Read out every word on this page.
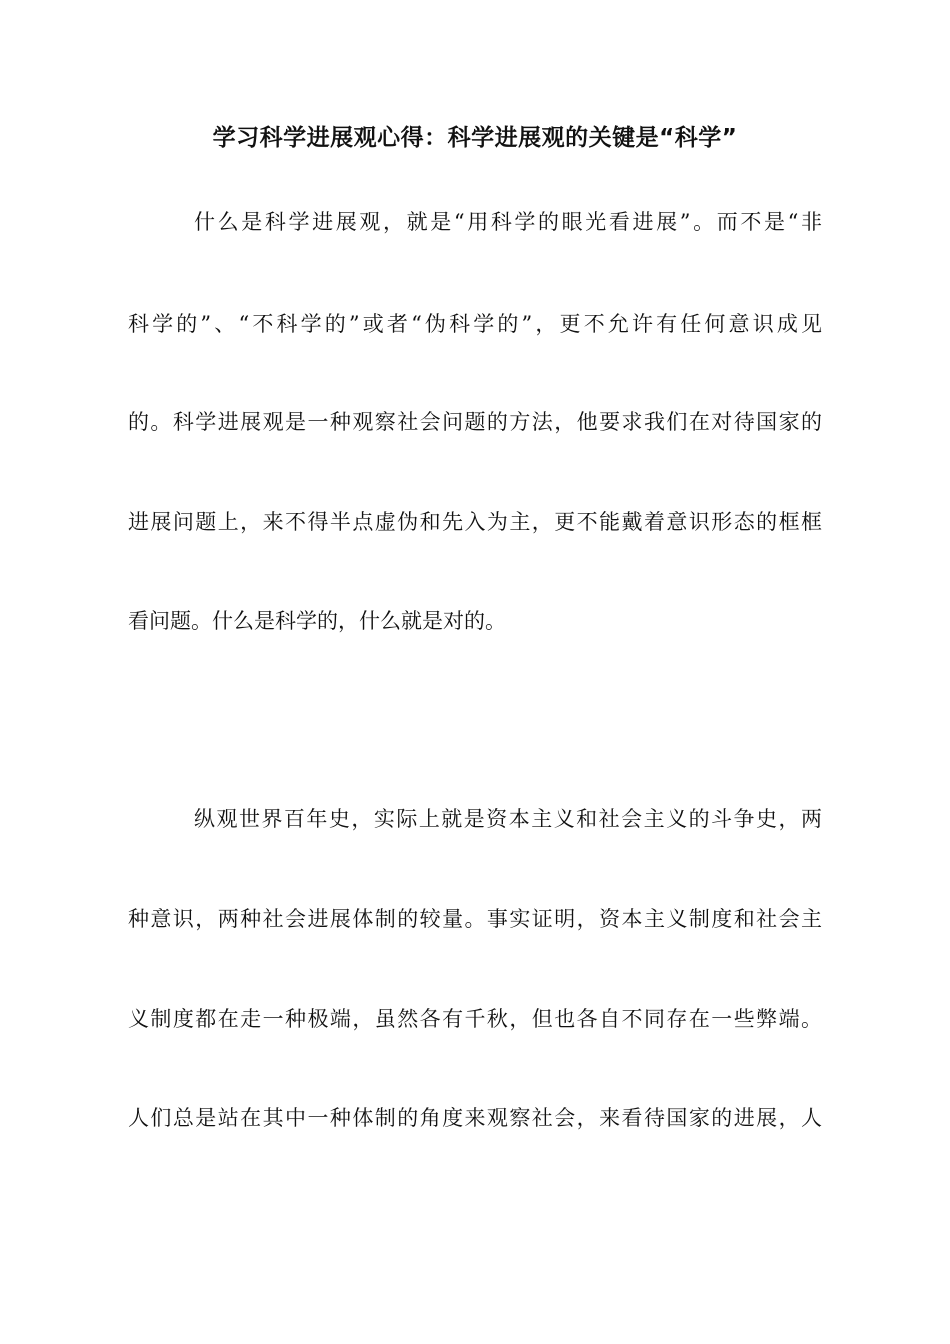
学习科学进展观心得：科学进展观的关键是“科学”
什么是科学进展观，就是“用科学的眼光看进展”。而不是“非
科学的”、“不科学的”或者“伪科学的”，更不允许有任何意识成见
的。科学进展观是一种观察社会问题的方法，他要求我们在对待国家的
进展问题上，来不得半点虚伪和先入为主，更不能戴着意识形态的框框
看问题。什么是科学的，什么就是对的。
纵观世界百年史，实际上就是资本主义和社会主义的斗争史，两
种意识，两种社会进展体制的较量。事实证明，资本主义制度和社会主
义制度都在走一种极端，虽然各有千秋，但也各自不同存在一些弊端。
人们总是站在其中一种体制的角度来观察社会，来看待国家的进展，人
